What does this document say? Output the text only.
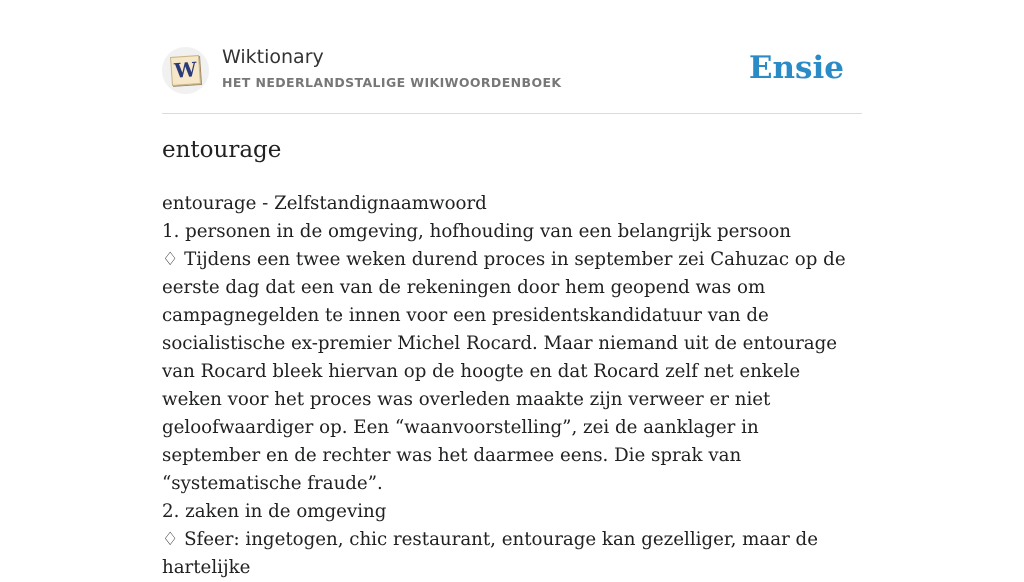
W
Wiktionary
HET NEDERLANDSTALIGE WIKIWOORDENBOEK	Ensie
entourage

entourage - Zelfstandignaamwoord

1. personen in de omgeving, hofhouding van een belangrijk persoon

♢ Tijdens een twee weken durend proces in september zei Cahuzac op de eerste dag dat een van de rekeningen door hem geopend was om campagnegelden te innen voor een presidentskandidatuur van de socialistische ex-premier Michel Rocard. Maar niemand uit de entourage van Rocard bleek hiervan op de hoogte en dat Rocard zelf net enkele weken voor het proces was overleden maakte zijn verweer er niet geloofwaardiger op. Een “waanvoorstelling”, zei de aanklager in september en de rechter was het daarmee eens. Die sprak van “systematische fraude”.

2. zaken in de omgeving

♢ Sfeer: ingetogen, chic restaurant, entourage kan gezelliger, maar de hartelijke
